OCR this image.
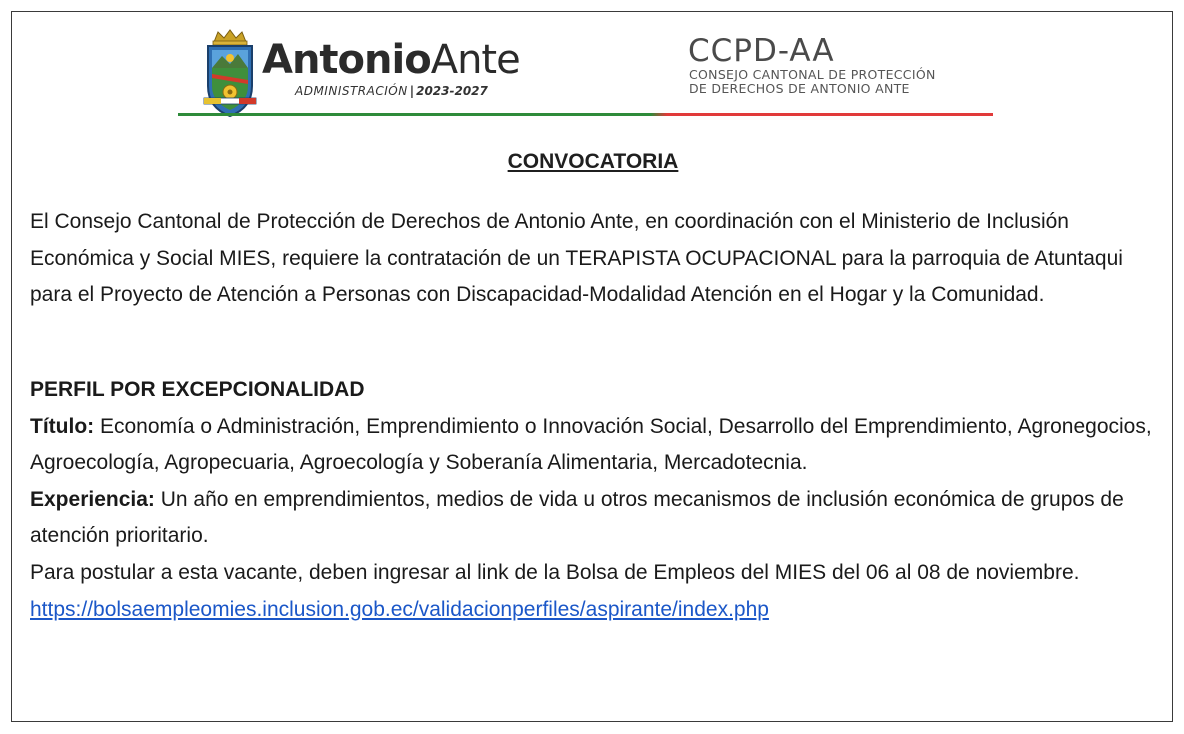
AntonioAnte
ADMINISTRACIÓN | 2023-2027
CCPD-AA
CONSEJO CANTONAL DE PROTECCIÓN
DE DERECHOS DE ANTONIO ANTE
CONVOCATORIA
El Consejo Cantonal de Protección de Derechos de Antonio Ante, en coordinación con el Ministerio de Inclusión Económica y Social MIES, requiere la contratación de un TERAPISTA OCUPACIONAL para la parroquia de Atuntaqui para el Proyecto de Atención a Personas con Discapacidad-Modalidad Atención en el Hogar y la Comunidad.
PERFIL POR EXCEPCIONALIDAD
Título: Economía o Administración, Emprendimiento o Innovación Social, Desarrollo del Emprendimiento, Agronegocios, Agroecología, Agropecuaria, Agroecología y Soberanía Alimentaria, Mercadotecnia.
Experiencia: Un año en emprendimientos, medios de vida u otros mecanismos de inclusión económica de grupos de atención prioritario.
Para postular a esta vacante, deben ingresar al link de la Bolsa de Empleos del MIES del 06 al 08 de noviembre.
https://bolsaempleomies.inclusion.gob.ec/validacionperfiles/aspirante/index.php
